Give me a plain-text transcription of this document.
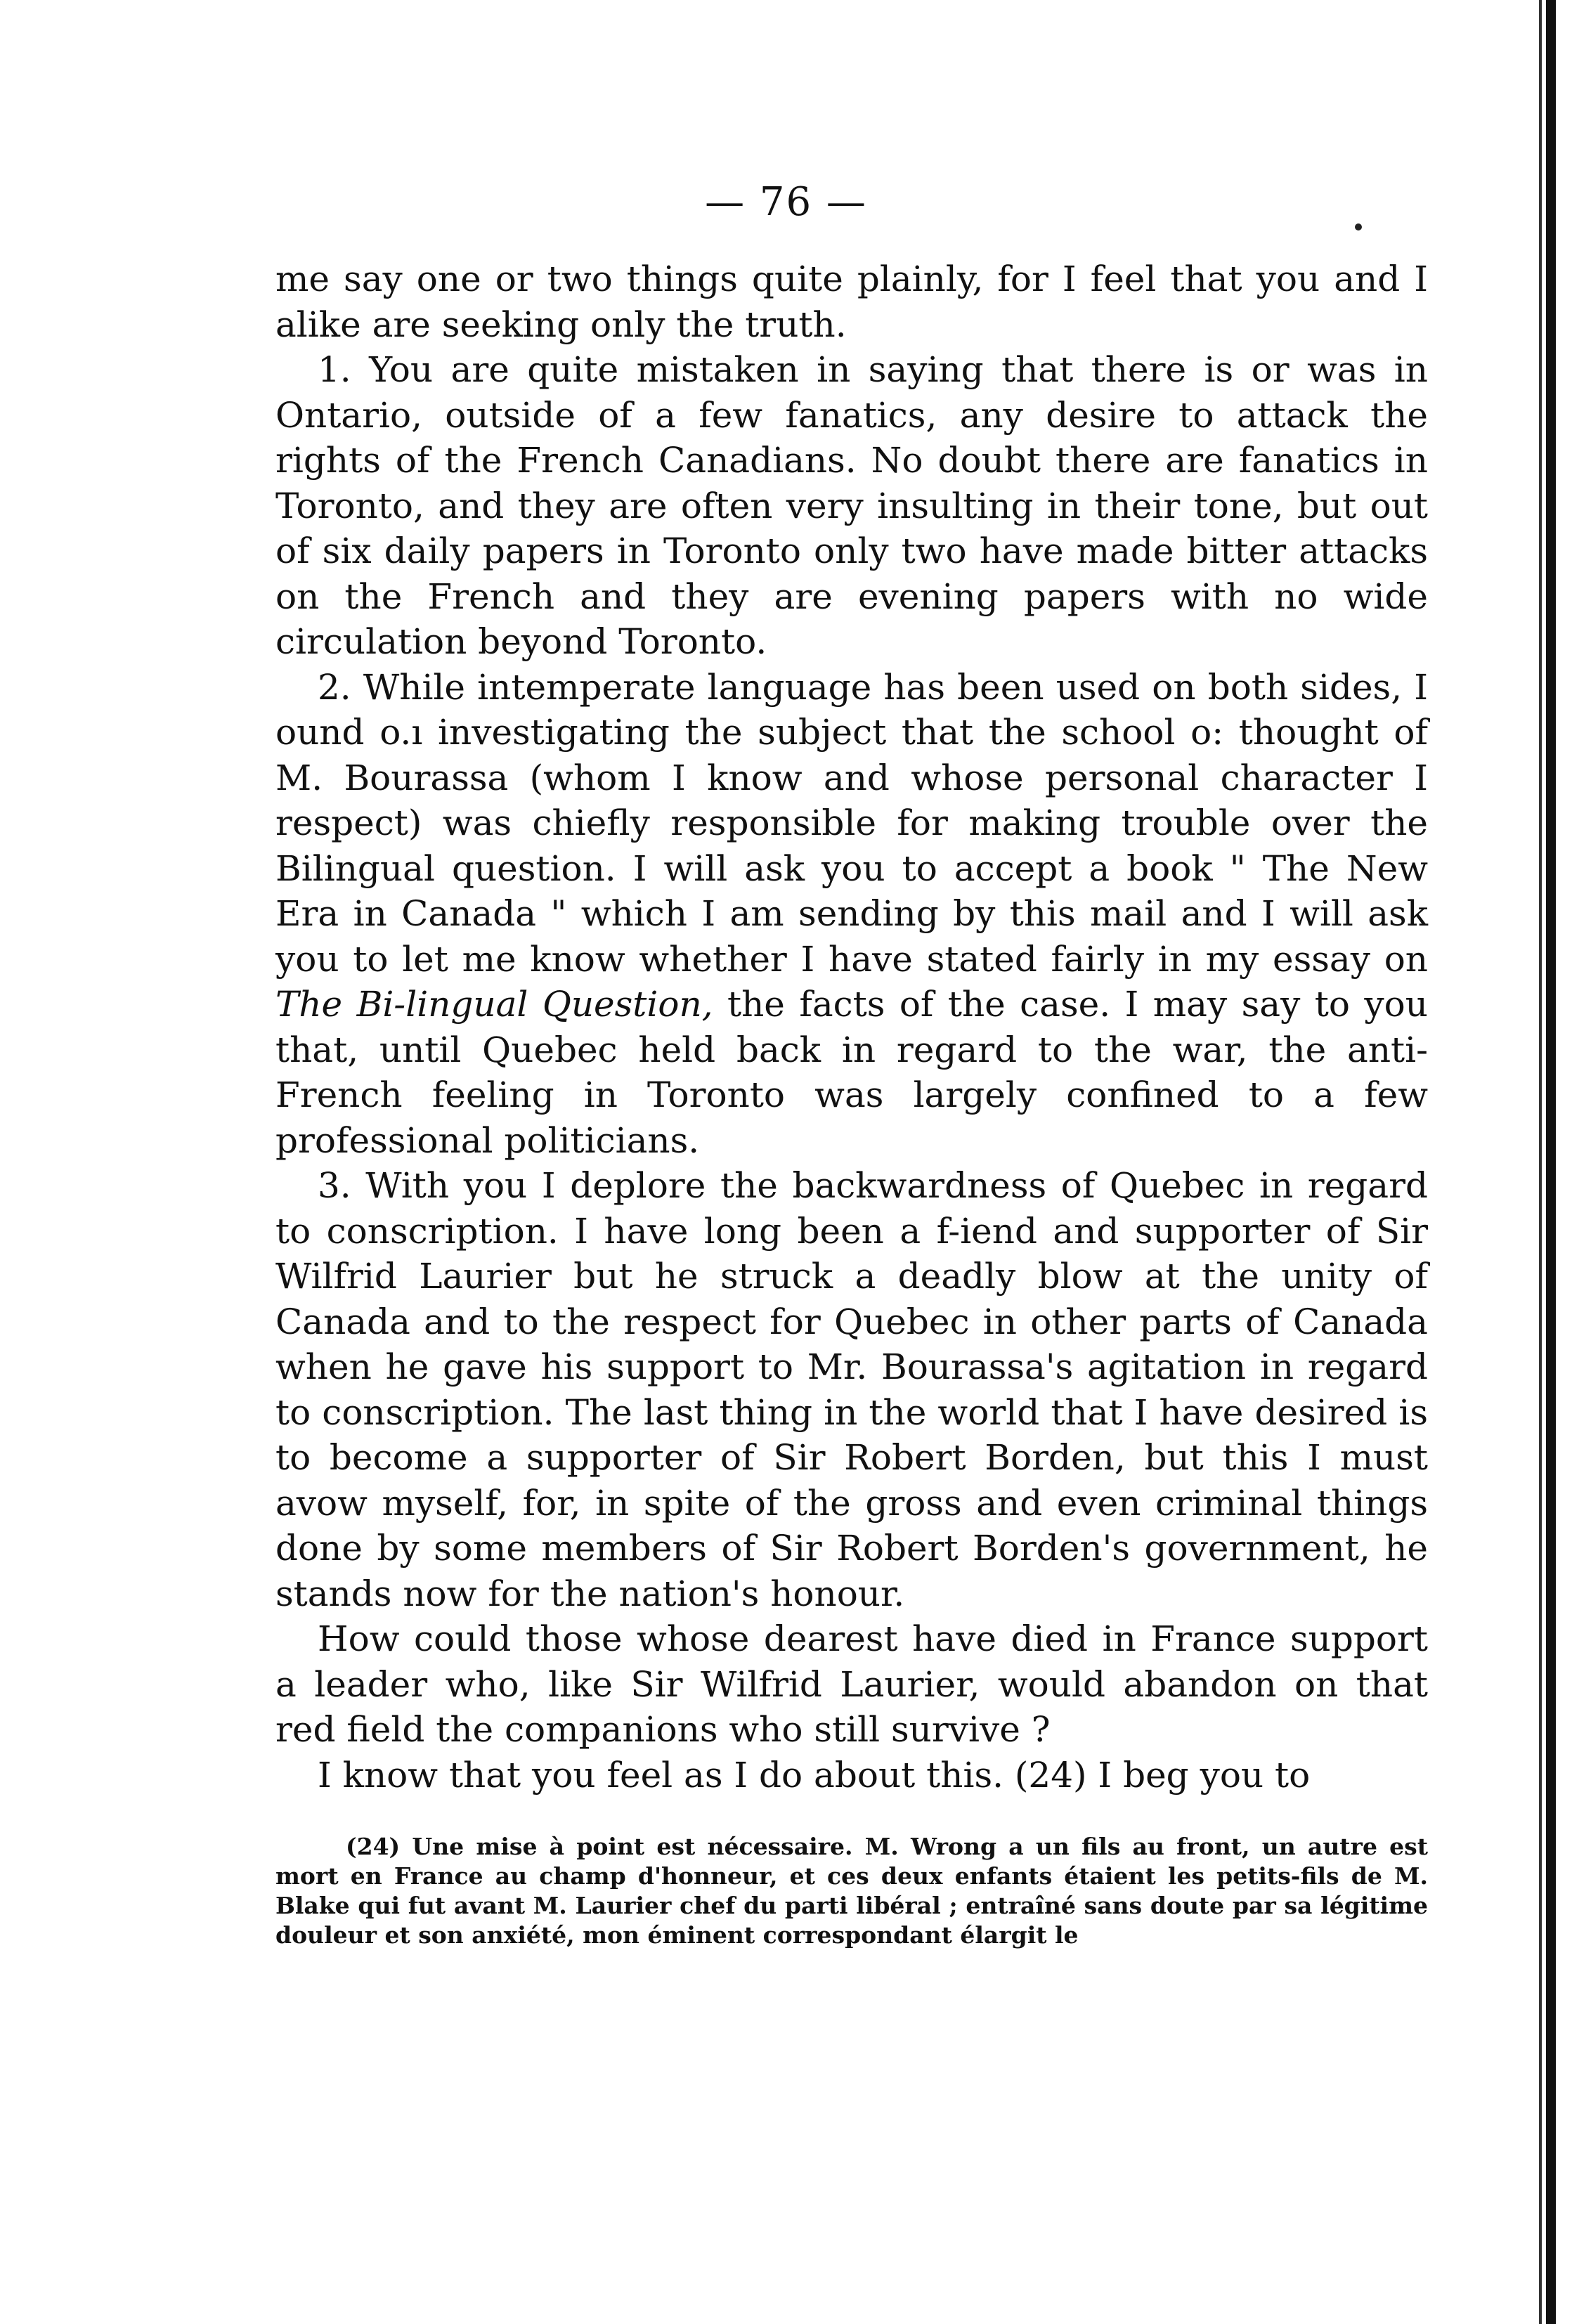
— 76 —

me say one or two things quite plainly, for I feel that you and I alike are seeking only the truth.

1. You are quite mistaken in saying that there is or was in Ontario, outside of a few fanatics, any desire to attack the rights of the French Canadians. No doubt there are fanatics in Toronto, and they are often very insulting in their tone, but out of six daily papers in Toronto only two have made bitter attacks on the French and they are evening papers with no wide circulation beyond Toronto.

2. While intemperate language has been used on both sides, I ound o.ı investigating the subject that the school o: thought of M. Bourassa (whom I know and whose personal character I respect) was chiefly responsible for making trouble over the Bilingual question. I will ask you to accept a book " The New Era in Canada " which I am sending by this mail and I will ask you to let me know whether I have stated fairly in my essay on The Bi-lingual Question, the facts of the case. I may say to you that, until Quebec held back in regard to the war, the anti-French feeling in Toronto was largely confined to a few professional politicians.

3. With you I deplore the backwardness of Quebec in regard to conscription. I have long been a f-iend and supporter of Sir Wilfrid Laurier but he struck a deadly blow at the unity of Canada and to the respect for Quebec in other parts of Canada when he gave his support to Mr. Bourassa's agitation in regard to conscription. The last thing in the world that I have desired is to become a supporter of Sir Robert Borden, but this I must avow myself, for, in spite of the gross and even criminal things done by some members of Sir Robert Borden's government, he stands now for the nation's honour.

How could those whose dearest have died in France support a leader who, like Sir Wilfrid Laurier, would abandon on that red field the companions who still survive ?

I know that you feel as I do about this. (24) I beg you to

(24) Une mise à point est nécessaire. M. Wrong a un fils au front, un autre est mort en France au champ d'honneur, et ces deux enfants étaient les petits-fils de M. Blake qui fut avant M. Laurier chef du parti libéral ; entraîné sans doute par sa légitime douleur et son anxiété, mon éminent correspondant élargit le
